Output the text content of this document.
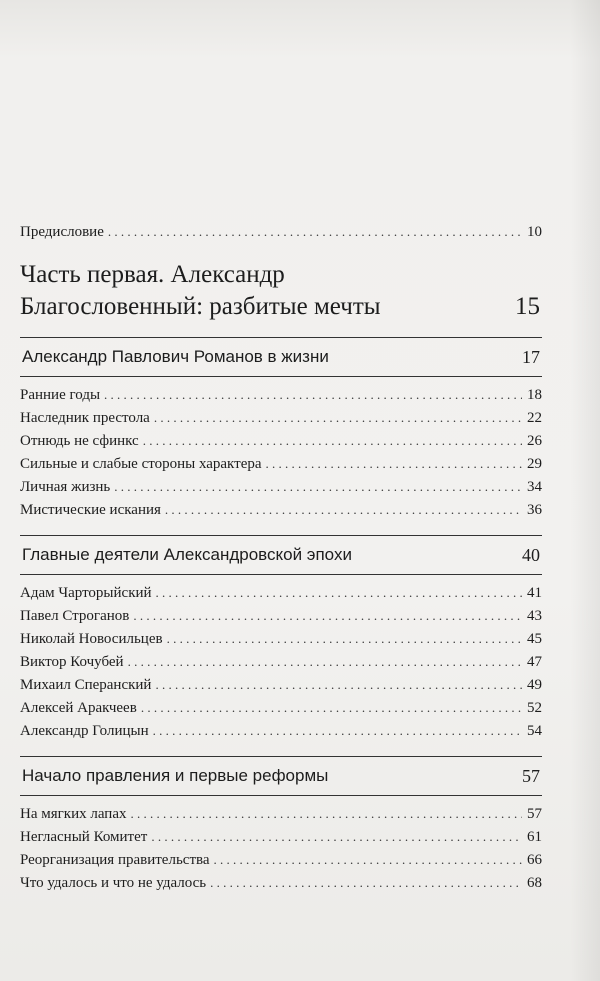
Предисловие . . .	10
Часть первая. Александр Благословенный: разбитые мечты	15
Александр Павлович Романов в жизни	17
Ранние годы . . .	18
Наследник престола . . .	22
Отнюдь не сфинкс . . .	26
Сильные и слабые стороны характера . . .	29
Личная жизнь . . .	34
Мистические искания . . .	36
Главные деятели Александровской эпохи	40
Адам Чарторыйский . . .	41
Павел Строганов . . .	43
Николай Новосильцев . . .	45
Виктор Кочубей . . .	47
Михаил Сперанский . . .	49
Алексей Аракчеев . . .	52
Александр Голицын . . .	54
Начало правления и первые реформы	57
На мягких лапах . . .	57
Негласный Комитет . . .	61
Реорганизация правительства . . .	66
Что удалось и что не удалось . . .	68
